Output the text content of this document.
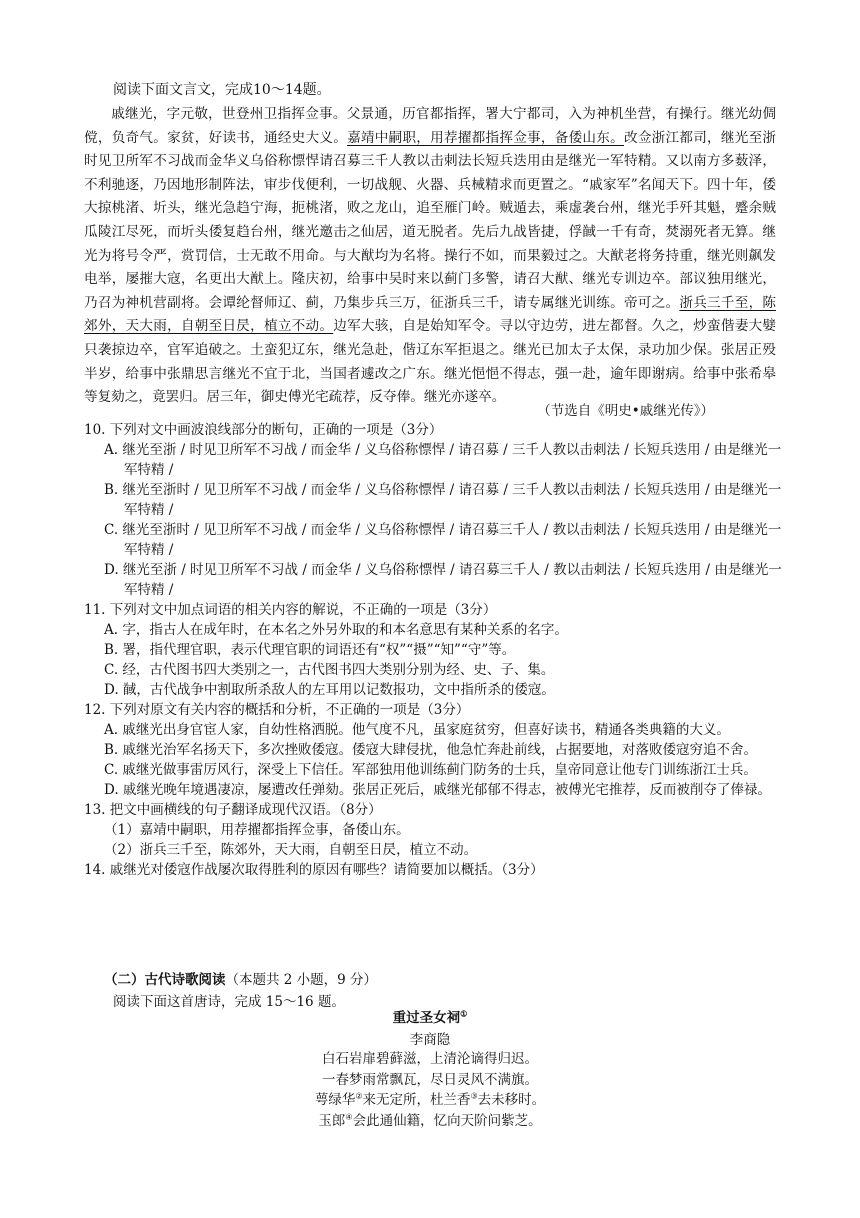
阅读下面文言文，完成10～14题。

戚继光，字元敬，世登州卫指挥佥事。父景通，历官都指挥，署大宁都司，入为神机坐营，有操行。继光幼倜傥，负奇气。家贫，好读书，通经史大义。嘉靖中嗣职，用荐擢都指挥佥事，备倭山东。改佥浙江都司，继光至浙时见卫所军不习战而金华义乌俗称慓悍请召募三千人教以击刺法长短兵迭用由是继光一军特精。又以南方多薮泽，不利驰逐，乃因地形制阵法，审步伐便利，一切战舰、火器、兵械精求而更置之。“戚家军”名闻天下。四十年，倭大掠桃渚、圻头，继光急趋宁海，扼桃渚，败之龙山，追至雁门岭。贼遁去，乘虚袭台州，继光手歼其魁，蹙余贼瓜陵江尽死，而圻头倭复趋台州，继光邀击之仙居，道无脱者。先后九战皆捷，俘馘一千有奇，焚溺死者无算。继光为将号令严，赏罚信，士无敢不用命。与大猷均为名将。操行不如，而果毅过之。大猷老将务持重，继光则飙发电举，屡摧大寇，名更出大猷上。隆庆初，给事中吴时来以蓟门多警，请召大猷、继光专训边卒。部议独用继光，乃召为神机营副将。会谭纶督师辽、蓟，乃集步兵三万，征浙兵三千，请专属继光训练。帝可之。浙兵三千至，陈郊外，天大雨，自朝至日昃，植立不动。边军大骇，自是始知军令。寻以守边劳，进左都督。久之，炒蛮偕妻大嬖只袭掠边卒，官军追破之。土蛮犯辽东，继光急赴，偕辽东军拒退之。继光已加太子太保，录功加少保。张居正殁半岁，给事中张鼎思言继光不宜于北，当国者遽改之广东。继光悒悒不得志，强一赴，逾年即谢病。给事中张希皋等复劾之，竟罢归。居三年，御史傅光宅疏荐，反夺俸。继光亦遂卒。

（节选自《明史•戚继光传》）

10. 下列对文中画波浪线部分的断句，正确的一项是（3分）

A. 继光至浙 / 时见卫所军不习战 / 而金华 / 义乌俗称慓悍 / 请召募 / 三千人教以击刺法 / 长短兵迭用 / 由是继光一军特精 /

B. 继光至浙时 / 见卫所军不习战 / 而金华 / 义乌俗称慓悍 / 请召募 / 三千人教以击刺法 / 长短兵迭用 / 由是继光一军特精 /

C. 继光至浙时 / 见卫所军不习战 / 而金华 / 义乌俗称慓悍 / 请召募三千人 / 教以击刺法 / 长短兵迭用 / 由是继光一军特精 /

D. 继光至浙 / 时见卫所军不习战 / 而金华 / 义乌俗称慓悍 / 请召募三千人 / 教以击刺法 / 长短兵迭用 / 由是继光一军特精 /

11. 下列对文中加点词语的相关内容的解说，不正确的一项是（3分）

A. 字，指古人在成年时，在本名之外另外取的和本名意思有某种关系的名字。

B. 署，指代理官职，表示代理官职的词语还有“权”“摄”“知”“守”等。

C. 经，古代图书四大类别之一，古代图书四大类别分别为经、史、子、集。

D. 馘，古代战争中割取所杀敌人的左耳用以记数报功，文中指所杀的倭寇。

12. 下列对原文有关内容的概括和分析，不正确的一项是（3分）

A. 戚继光出身官宦人家，自幼性格洒脱。他气度不凡，虽家庭贫穷，但喜好读书，精通各类典籍的大义。

B. 戚继光治军名扬天下，多次挫败倭寇。倭寇大肆侵扰，他急忙奔赴前线，占据要地，对落败倭寇穷追不舍。

C. 戚继光做事雷厉风行，深受上下信任。军部独用他训练蓟门防务的士兵，皇帝同意让他专门训练浙江士兵。

D. 戚继光晚年境遇凄凉，屡遭改任弹劾。张居正死后，戚继光郁郁不得志，被傅光宅推荐，反而被削夺了俸禄。

13. 把文中画横线的句子翻译成现代汉语。（8分）

（1）嘉靖中嗣职，用荐擢都指挥佥事，备倭山东。

（2）浙兵三千至，陈郊外，天大雨，自朝至日昃，植立不动。

14. 戚继光对倭寇作战屡次取得胜利的原因有哪些？请简要加以概括。（3分）

（二）古代诗歌阅读（本题共 2 小题，9 分）
阅读下面这首唐诗，完成 15～16 题。
重过圣女祠①
李商隐
白石岩扉碧藓滋，上清沦谪得归迟。
一春梦雨常飘瓦，尽日灵风不满旗。
萼绿华②来无定所，杜兰香③去未移时。
玉郎④会此通仙籍，忆向天阶问紫芝。
